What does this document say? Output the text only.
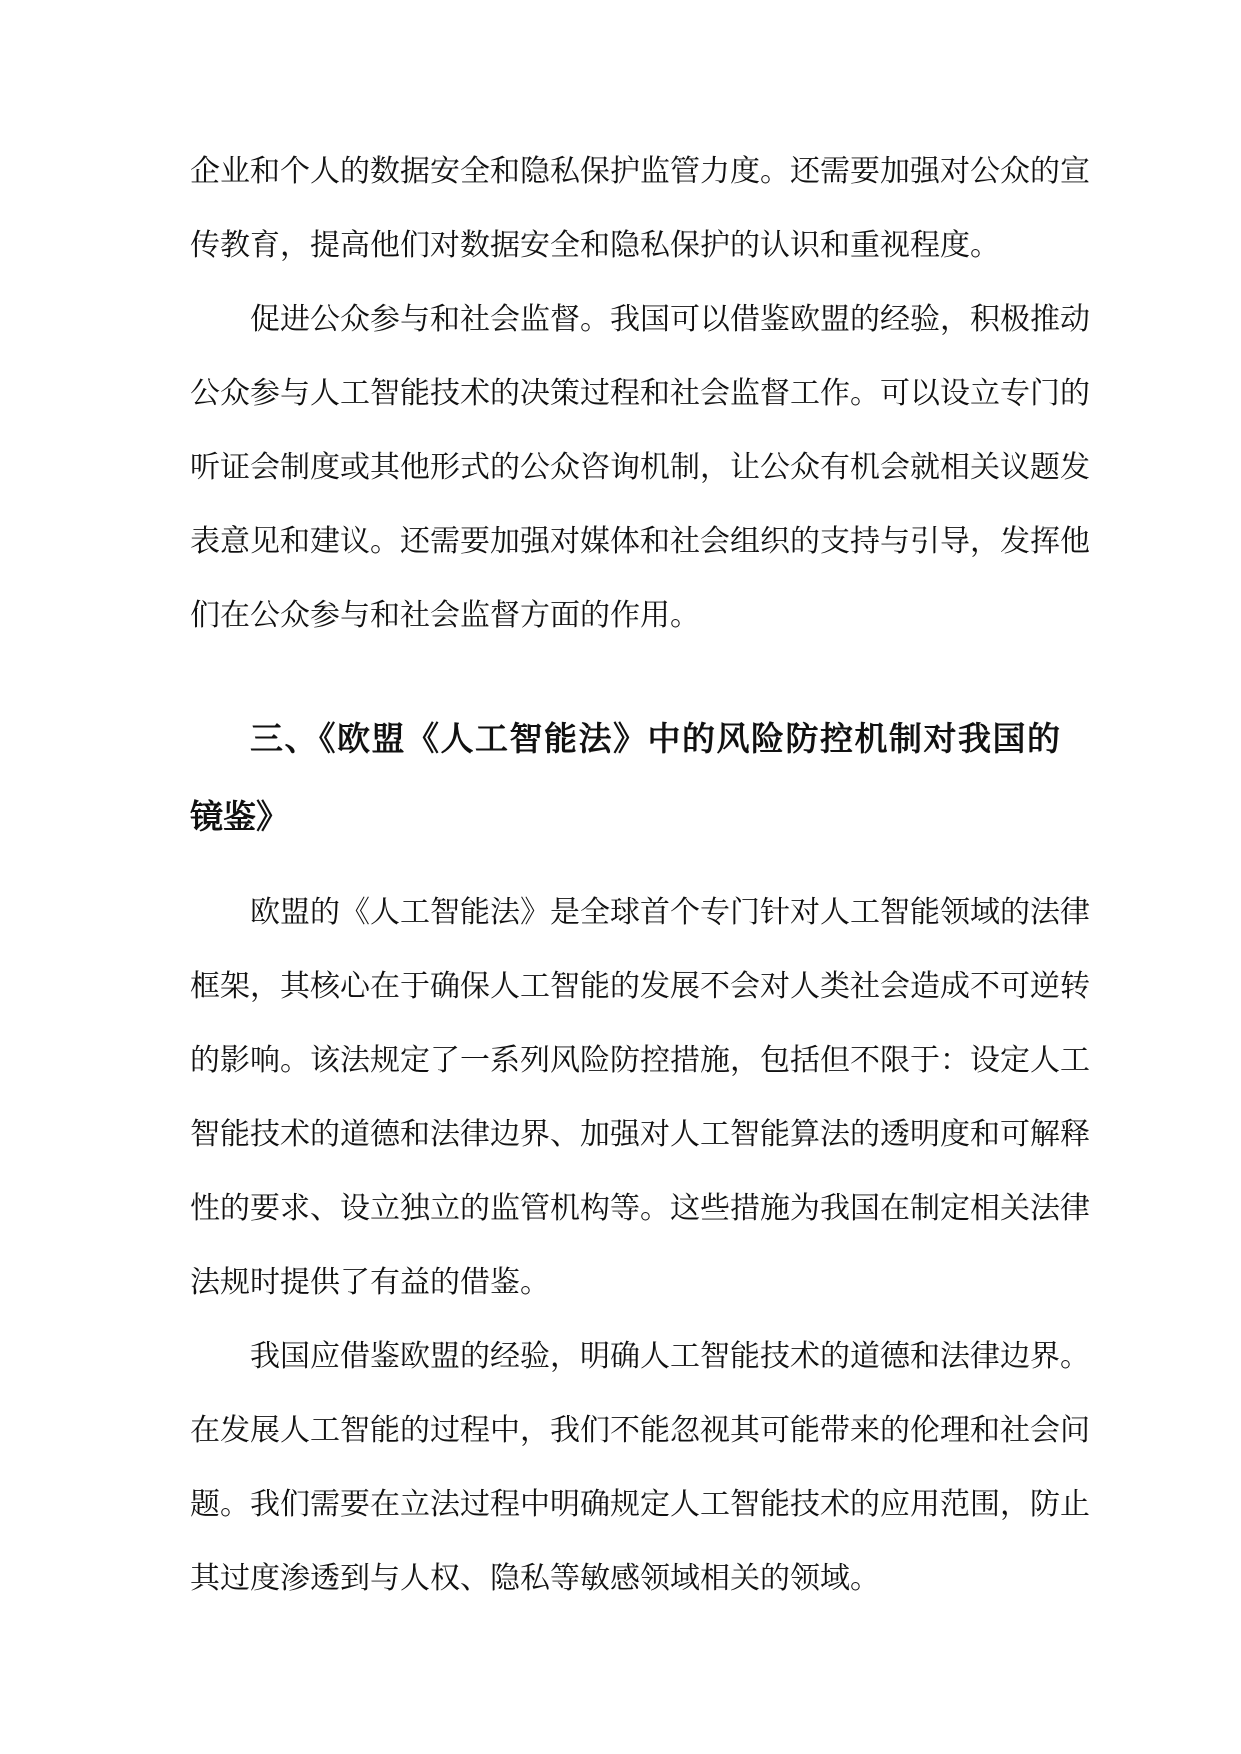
企业和个人的数据安全和隐私保护监管力度。还需要加强对公众的宣
传教育，提高他们对数据安全和隐私保护的认识和重视程度。
促进公众参与和社会监督。我国可以借鉴欧盟的经验，积极推动
公众参与人工智能技术的决策过程和社会监督工作。可以设立专门的
听证会制度或其他形式的公众咨询机制，让公众有机会就相关议题发
表意见和建议。还需要加强对媒体和社会组织的支持与引导，发挥他
们在公众参与和社会监督方面的作用。
三、《欧盟《人工智能法》中的风险防控机制对我国的
镜鉴》
欧盟的《人工智能法》是全球首个专门针对人工智能领域的法律
框架，其核心在于确保人工智能的发展不会对人类社会造成不可逆转
的影响。该法规定了一系列风险防控措施，包括但不限于：设定人工
智能技术的道德和法律边界、加强对人工智能算法的透明度和可解释
性的要求、设立独立的监管机构等。这些措施为我国在制定相关法律
法规时提供了有益的借鉴。
我国应借鉴欧盟的经验，明确人工智能技术的道德和法律边界。
在发展人工智能的过程中，我们不能忽视其可能带来的伦理和社会问
题。我们需要在立法过程中明确规定人工智能技术的应用范围，防止
其过度渗透到与人权、隐私等敏感领域相关的领域。
